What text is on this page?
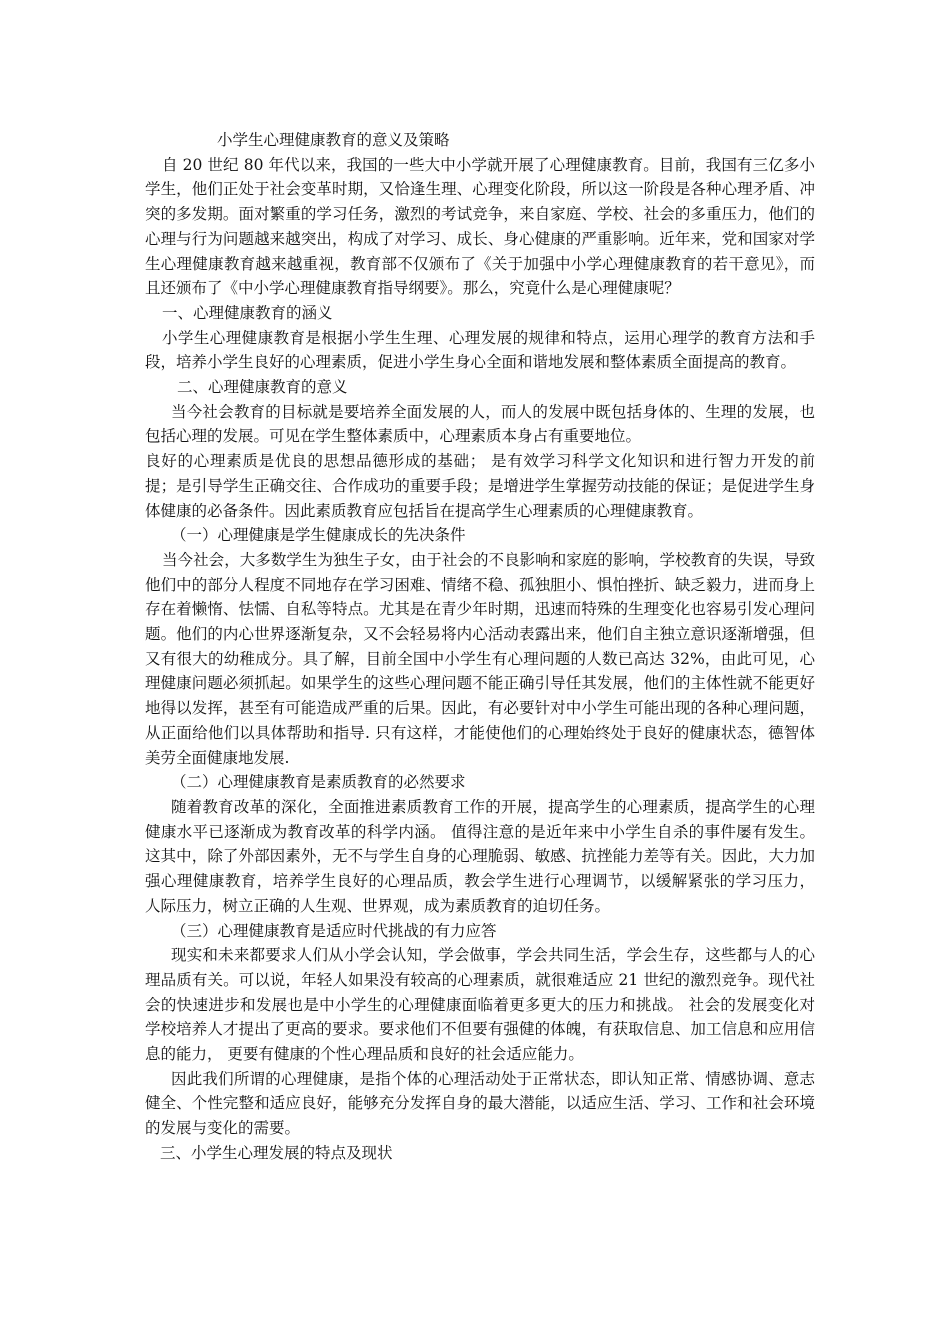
小学生心理健康教育的意义及策略

自 20 世纪 80 年代以来，我国的一些大中小学就开展了心理健康教育。目前，我国有三亿多小学生，他们正处于社会变革时期，又恰逢生理、心理变化阶段，所以这一阶段是各种心理矛盾、冲突的多发期。面对繁重的学习任务，激烈的考试竞争，来自家庭、学校、社会的多重压力，他们的心理与行为问题越来越突出，构成了对学习、成长、身心健康的严重影响。近年来，党和国家对学生心理健康教育越来越重视，教育部不仅颁布了《关于加强中小学心理健康教育的若干意见》，而且还颁布了《中小学心理健康教育指导纲要》。那么，究竟什么是心理健康呢？

一、心理健康教育的涵义

小学生心理健康教育是根据小学生生理、心理发展的规律和特点，运用心理学的教育方法和手段，培养小学生良好的心理素质，促进小学生身心全面和谐地发展和整体素质全面提高的教育。

二、心理健康教育的意义

当今社会教育的目标就是要培养全面发展的人，而人的发展中既包括身体的、生理的发展，也包括心理的发展。可见在学生整体素质中，心理素质本身占有重要地位。

良好的心理素质是优良的思想品德形成的基础； 是有效学习科学文化知识和进行智力开发的前提；是引导学生正确交往、合作成功的重要手段；是增进学生掌握劳动技能的保证；是促进学生身体健康的必备条件。因此素质教育应包括旨在提高学生心理素质的心理健康教育。

（一）心理健康是学生健康成长的先决条件

当今社会，大多数学生为独生子女，由于社会的不良影响和家庭的影响，学校教育的失误，导致他们中的部分人程度不同地存在学习困难、情绪不稳、孤独胆小、惧怕挫折、缺乏毅力，进而身上存在着懒惰、怯懦、自私等特点。尤其是在青少年时期，迅速而特殊的生理变化也容易引发心理问题。他们的内心世界逐渐复杂，又不会轻易将内心活动表露出来，他们自主独立意识逐渐增强，但又有很大的幼稚成分。具了解，目前全国中小学生有心理问题的人数已高达 32%，由此可见，心理健康问题必须抓起。如果学生的这些心理问题不能正确引导任其发展，他们的主体性就不能更好地得以发挥，甚至有可能造成严重的后果。因此，有必要针对中小学生可能出现的各种心理问题，从正面给他们以具体帮助和指导. 只有这样，才能使他们的心理始终处于良好的健康状态，德智体美劳全面健康地发展.

（二）心理健康教育是素质教育的必然要求

随着教育改革的深化，全面推进素质教育工作的开展，提高学生的心理素质，提高学生的心理健康水平已逐渐成为教育改革的科学内涵。 值得注意的是近年来中小学生自杀的事件屡有发生。这其中，除了外部因素外，无不与学生自身的心理脆弱、敏感、抗挫能力差等有关。因此，大力加强心理健康教育，培养学生良好的心理品质，教会学生进行心理调节，以缓解紧张的学习压力， 人际压力，树立正确的人生观、世界观，成为素质教育的迫切任务。

（三）心理健康教育是适应时代挑战的有力应答

现实和未来都要求人们从小学会认知，学会做事，学会共同生活，学会生存，这些都与人的心理品质有关。可以说，年轻人如果没有较高的心理素质，就很难适应 21 世纪的激烈竞争。现代社会的快速进步和发展也是中小学生的心理健康面临着更多更大的压力和挑战。 社会的发展变化对学校培养人才提出了更高的要求。要求他们不但要有强健的体魄，有获取信息、加工信息和应用信息的能力， 更要有健康的个性心理品质和良好的社会适应能力。

因此我们所谓的心理健康，是指个体的心理活动处于正常状态，即认知正常、情感协调、意志健全、个性完整和适应良好，能够充分发挥自身的最大潜能，以适应生活、学习、工作和社会环境的发展与变化的需要。

三、小学生心理发展的特点及现状
